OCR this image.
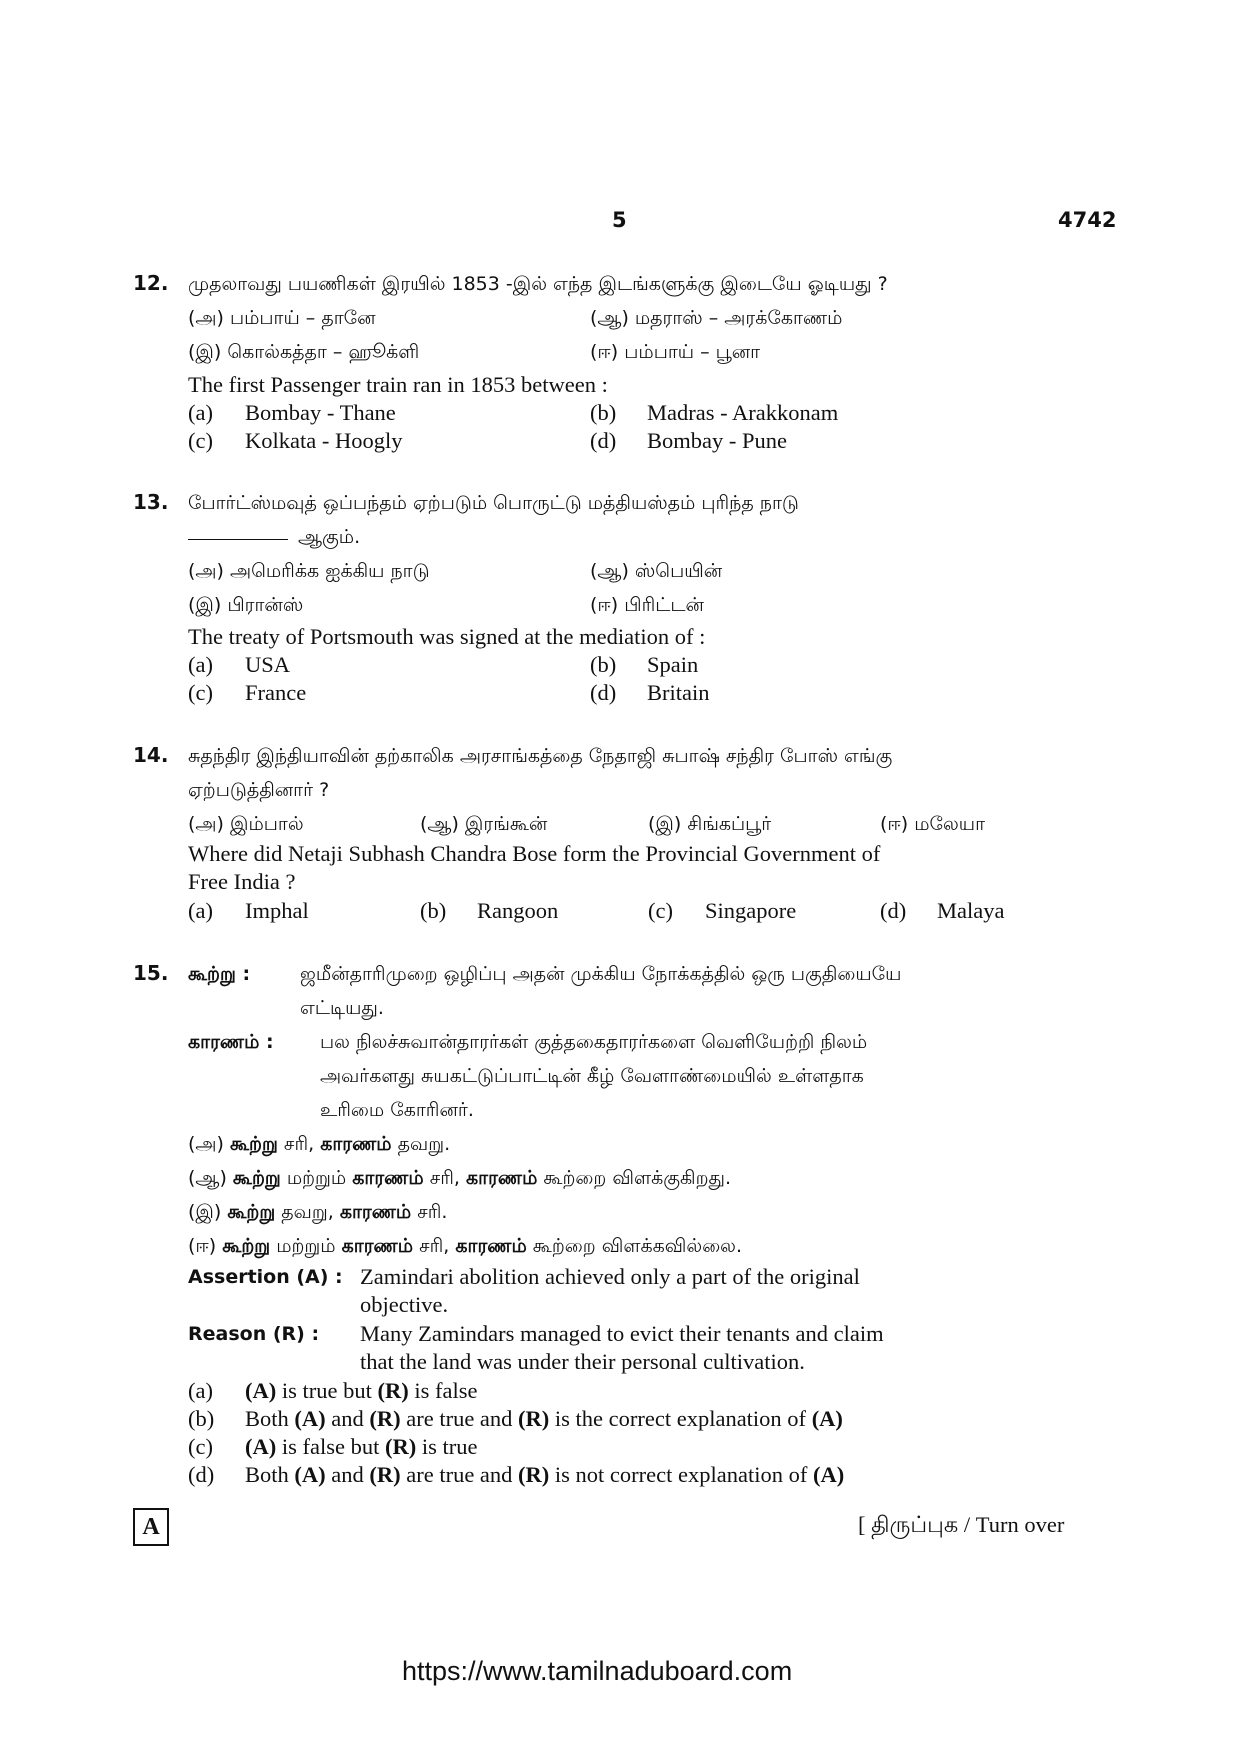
5	4742
12. முதலாவது பயணிகள் இரயில் 1853 -இல் எந்த இடங்களுக்கு இடையே ஓடியது ?
(அ) பம்பாய் – தானே	(ஆ) மதராஸ் – அரக்கோணம்
(இ) கொல்கத்தா – ஹூக்ளி	(ஈ) பம்பாய் – பூனா
The first Passenger train ran in 1853 between :
(a) Bombay - Thane	(b) Madras - Arakkonam
(c) Kolkata - Hoogly	(d) Bombay - Pune
13. போர்ட்ஸ்மவுத் ஒப்பந்தம் ஏற்படும் பொருட்டு மத்தியஸ்தம் புரிந்த நாடு
ஆகும்.
(அ) அமெரிக்க ஐக்கிய நாடு	(ஆ) ஸ்பெயின்
(இ) பிரான்ஸ்	(ஈ) பிரிட்டன்
The treaty of Portsmouth was signed at the mediation of :
(a) USA	(b) Spain
(c) France	(d) Britain
14. சுதந்திர இந்தியாவின் தற்காலிக அரசாங்கத்தை நேதாஜி சுபாஷ் சந்திர போஸ் எங்கு
ஏற்படுத்தினார் ?
(அ) இம்பால்	(ஆ) இரங்கூன்	(இ) சிங்கப்பூர்	(ஈ) மலேயா
Where did Netaji Subhash Chandra Bose form the Provincial Government of
Free India ?
(a) Imphal	(b) Rangoon	(c) Singapore	(d) Malaya
15. கூற்று :	ஜமீன்தாரிமுறை ஒழிப்பு அதன் முக்கிய நோக்கத்தில் ஒரு பகுதியையே
எட்டியது.
காரணம் : பல நிலச்சுவான்தாரர்கள் குத்தகைதாரர்களை வெளியேற்றி நிலம்
அவர்களது சுயகட்டுப்பாட்டின் கீழ் வேளாண்மையில் உள்ளதாக
உரிமை கோரினர்.
(அ) கூற்று சரி, காரணம் தவறு.
(ஆ) கூற்று மற்றும் காரணம் சரி, காரணம் கூற்றை விளக்குகிறது.
(இ) கூற்று தவறு, காரணம் சரி.
(ஈ) கூற்று மற்றும் காரணம் சரி, காரணம் கூற்றை விளக்கவில்லை.
Assertion (A) : Zamindari abolition achieved only a part of the original
objective.
Reason (R) : Many Zamindars managed to evict their tenants and claim
that the land was under their personal cultivation.
(a) (A) is true but (R) is false
(b) Both (A) and (R) are true and (R) is the correct explanation of (A)
(c) (A) is false but (R) is true
(d) Both (A) and (R) are true and (R) is not correct explanation of (A)
A	[ திருப்புக / Turn over
https://www.tamilnaduboard.com
